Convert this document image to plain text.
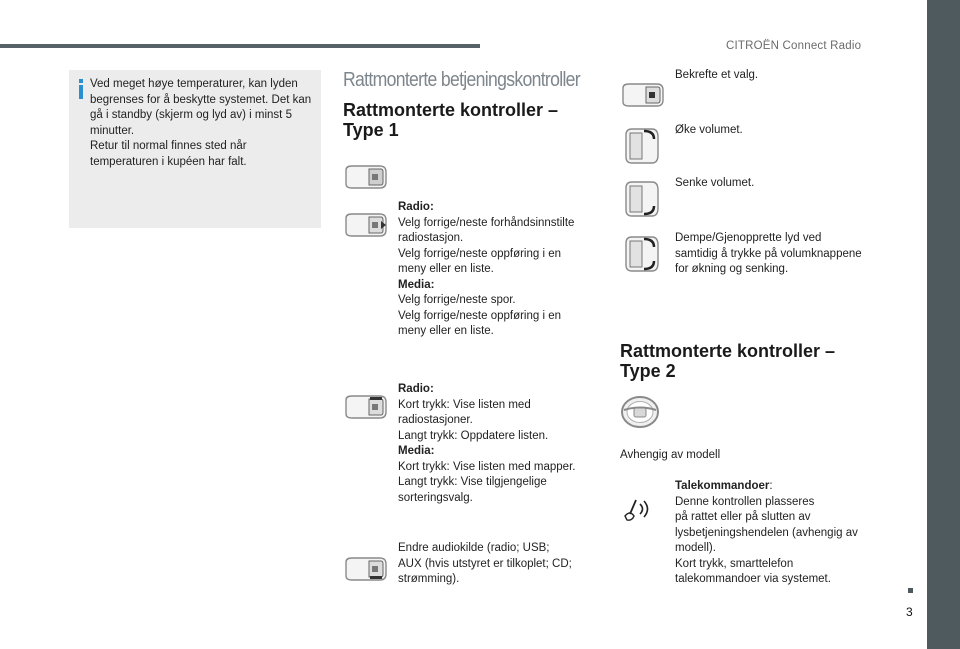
CITROËN Connect Radio
3
Ved meget høye temperaturer, kan lyden begrenses for å beskytte systemet. Det kan gå i standby (skjerm og lyd av) i minst 5 minutter.
Retur til normal finnes sted når temperaturen i kupéen har falt.
Rattmonterte betjeningskontroller
Rattmonterte kontroller –
Type 1
Radio:
Velg forrige/neste forhåndsinnstilte
radiostasjon.
Velg forrige/neste oppføring i en
meny eller en liste.
Media:
Velg forrige/neste spor.
Velg forrige/neste oppføring i en
meny eller en liste.
Radio:
Kort trykk: Vise listen med
radiostasjoner.
Langt trykk: Oppdatere listen.
Media:
Kort trykk: Vise listen med mapper.
Langt trykk: Vise tilgjengelige
sorteringsvalg.
Endre audiokilde (radio; USB;
AUX (hvis utstyret er tilkoplet; CD;
strømming).
Bekrefte et valg.
Øke volumet.
Senke volumet.
Dempe/Gjenopprette lyd ved
samtidig å trykke på volumknappene
for økning og senking.
Rattmonterte kontroller –
Type 2
Avhengig av modell
Talekommandoer:
Denne kontrollen plasseres
på rattet eller på slutten av
lysbetjeningshendelen (avhengig av
modell).
Kort trykk, smarttelefon
talekommandoer via systemet.
